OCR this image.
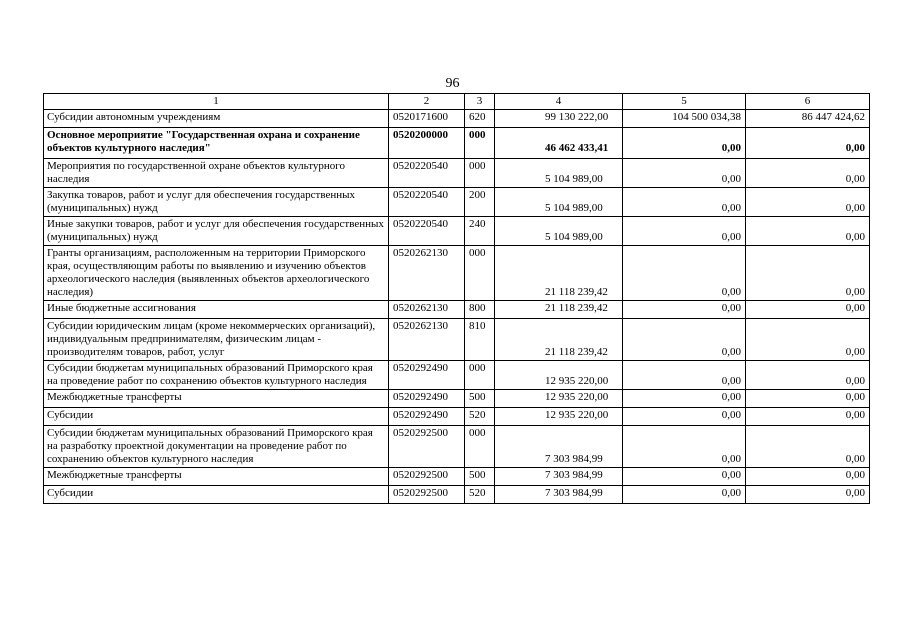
96
1	2	3	4	5	6
Субсидии автономным учреждениям	0520171600	620	99 130 222,00	104 500 034,38	86 447 424,62
Основное мероприятие "Государственная охрана и сохранение объектов культурного наследия"	0520200000	000	46 462 433,41	0,00	0,00
Мероприятия по государственной охране объектов культурного наследия	0520220540	000	5 104 989,00	0,00	0,00
Закупка товаров, работ и услуг для обеспечения государственных (муниципальных) нужд	0520220540	200	5 104 989,00	0,00	0,00
Иные закупки товаров, работ и услуг для обеспечения государственных (муниципальных) нужд	0520220540	240	5 104 989,00	0,00	0,00
Гранты организациям, расположенным на территории Приморского края, осуществляющим работы по выявлению и изучению объектов археологического наследия (выявленных объектов археологического наследия)	0520262130	000	21 118 239,42	0,00	0,00
Иные бюджетные ассигнования	0520262130	800	21 118 239,42	0,00	0,00
Субсидии юридическим лицам (кроме некоммерческих организаций), индивидуальным предпринимателям, физическим лицам - производителям товаров, работ, услуг	0520262130	810	21 118 239,42	0,00	0,00
Субсидии бюджетам муниципальных образований Приморского края на проведение работ по сохранению объектов культурного наследия	0520292490	000	12 935 220,00	0,00	0,00
Межбюджетные трансферты	0520292490	500	12 935 220,00	0,00	0,00
Субсидии	0520292490	520	12 935 220,00	0,00	0,00
Субсидии бюджетам муниципальных образований Приморского края на разработку проектной документации на проведение работ по сохранению объектов культурного наследия	0520292500	000	7 303 984,99	0,00	0,00
Межбюджетные трансферты	0520292500	500	7 303 984,99	0,00	0,00
Субсидии	0520292500	520	7 303 984,99	0,00	0,00
